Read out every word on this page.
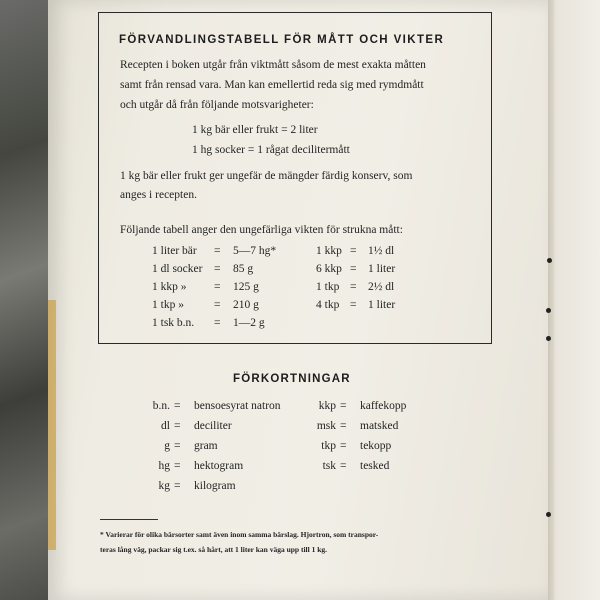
FÖRVANDLINGSTABELL FÖR MÅTT OCH VIKTER
Recepten i boken utgår från viktmått såsom de mest exakta måtten
samt från rensad vara. Man kan emellertid reda sig med rymdmått
och utgår då från följande motsvarigheter:
1 kg bär eller frukt = 2 liter
1 hg socker = 1 rågat decilitermått
1 kg bär eller frukt ger ungefär de mängder färdig konserv, som
anges i recepten.
Följande tabell anger den ungefärliga vikten för strukna mått:
1 liter bär = 5—7 hg*
1 dl socker = 85 g
1 kkp » = 125 g
1 tkp »	= 210 g
1 tsk b.n. = 1—2 g
1 kkp = 1½ dl
6 kkp = 1 liter
1 tkp = 2½ dl
4 tkp = 1 liter
FÖRKORTNINGAR
b.n. = bensoesyrat natron
dl = deciliter
g = gram
hg = hektogram
kg = kilogram
kkp = kaffekopp
msk = matsked
tkp = tekopp
tsk = tesked
* Varierar för olika bärsorter samt även inom samma bärslag. Hjortron, som transpor-
teras lång väg, packar sig t.ex. så hårt, att 1 liter kan väga upp till 1 kg.
